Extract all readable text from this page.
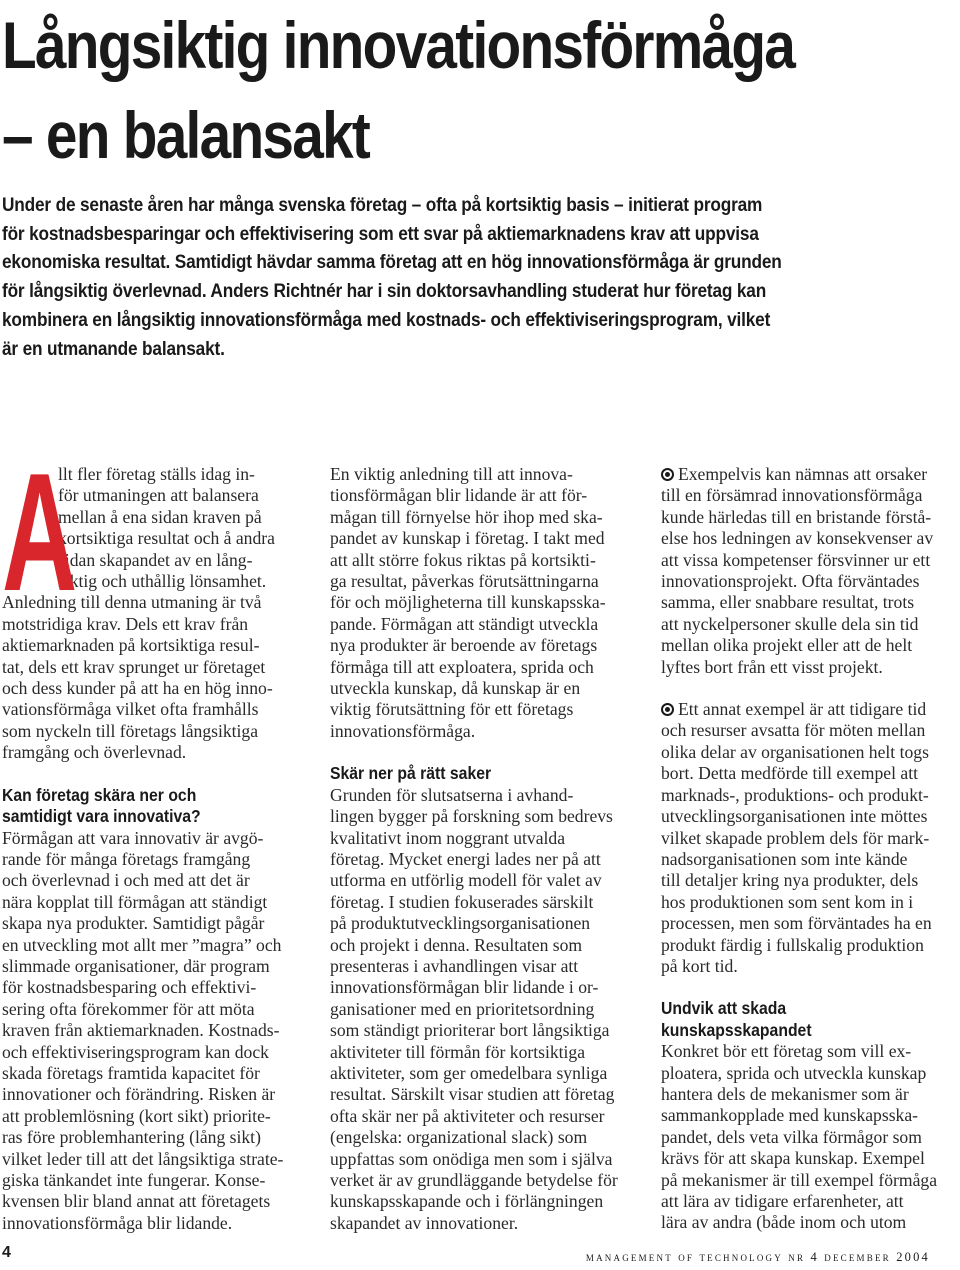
Långsiktig innovationsförmåga
– en balansakt

Under de senaste åren har många svenska företag – ofta på kortsiktig basis – initierat program
för kostnadsbesparingar och effektivisering som ett svar på aktiemarknadens krav att uppvisa
ekonomiska resultat. Samtidigt hävdar samma företag att en hög innovationsförmåga är grunden
för långsiktig överlevnad. Anders Richtnér har i sin doktorsavhandling studerat hur företag kan
kombinera en långsiktig innovationsförmåga med kostnads- och effektiviseringsprogram, vilket
är en utmanande balansakt.

A

llt fler företag ställs idag in-
för utmaningen att balansera
mellan å ena sidan kraven på
kortsiktiga resultat och å andra
sidan skapandet av en lång-
siktig och uthållig lönsamhet.
Anledning till denna utmaning är två
motstridiga krav. Dels ett krav från
aktiemarknaden på kortsiktiga resul-
tat, dels ett krav sprunget ur företaget
och dess kunder på att ha en hög inno-
vationsförmåga vilket ofta framhålls
som nyckeln till företags långsiktiga
framgång och överlevnad.

Kan företag skära ner och
samtidigt vara innovativa?

Förmågan att vara innovativ är avgö-
rande för många företags framgång
och överlevnad i och med att det är
nära kopplat till förmågan att ständigt
skapa nya produkter. Samtidigt pågår
en utveckling mot allt mer ”magra” och
slimmade organisationer, där program
för kostnadsbesparing och effektivi-
sering ofta förekommer för att möta
kraven från aktiemarknaden. Kostnads-
och effektiviseringsprogram kan dock
skada företags framtida kapacitet för
innovationer och förändring. Risken är
att problemlösning (kort sikt) priorite-
ras före problemhantering (lång sikt)
vilket leder till att det långsiktiga strate-
giska tänkandet inte fungerar. Konse-
kvensen blir bland annat att företagets
innovationsförmåga blir lidande.

En viktig anledning till att innova-
tionsförmågan blir lidande är att för-
mågan till förnyelse hör ihop med ska-
pandet av kunskap i företag. I takt med
att allt större fokus riktas på kortsikti-
ga resultat, påverkas förutsättningarna
för och möjligheterna till kunskapsska-
pande. Förmågan att ständigt utveckla
nya produkter är beroende av företags
förmåga till att exploatera, sprida och
utveckla kunskap, då kunskap är en
viktig förutsättning för ett företags
innovationsförmåga.

Skär ner på rätt saker

Grunden för slutsatserna i avhand-
lingen bygger på forskning som bedrevs
kvalitativt inom noggrant utvalda
företag. Mycket energi lades ner på att
utforma en utförlig modell för valet av
företag. I studien fokuserades särskilt
på produktutvecklingsorganisationen
och projekt i denna. Resultaten som
presenteras i avhandlingen visar att
innovationsförmågan blir lidande i or-
ganisationer med en prioritetsordning
som ständigt prioriterar bort långsiktiga
aktiviteter till förmån för kortsiktiga
aktiviteter, som ger omedelbara synliga
resultat. Särskilt visar studien att företag
ofta skär ner på aktiviteter och resurser
(engelska: organizational slack) som
uppfattas som onödiga men som i själva
verket är av grundläggande betydelse för
kunskapsskapande och i förlängningen
skapandet av innovationer.

Exempelvis kan nämnas att orsaker
till en försämrad innovationsförmåga
kunde härledas till en bristande förstå-
else hos ledningen av konsekvenser av
att vissa kompetenser försvinner ur ett
innovationsprojekt. Ofta förväntades
samma, eller snabbare resultat, trots
att nyckelpersoner skulle dela sin tid
mellan olika projekt eller att de helt
lyftes bort från ett visst projekt.

Ett annat exempel är att tidigare tid
och resurser avsatta för möten mellan
olika delar av organisationen helt togs
bort. Detta medförde till exempel att
marknads-, produktions- och produkt-
utvecklingsorganisationen inte möttes
vilket skapade problem dels för mark-
nadsorganisationen som inte kände
till detaljer kring nya produkter, dels
hos produktionen som sent kom in i
processen, men som förväntades ha en
produkt färdig i fullskalig produktion
på kort tid.

Undvik att skada
kunskapsskapandet

Konkret bör ett företag som vill ex-
ploatera, sprida och utveckla kunskap
hantera dels de mekanismer som är
sammankopplade med kunskapsska-
pandet, dels veta vilka förmågor som
krävs för att skapa kunskap. Exempel
på mekanismer är till exempel förmåga
att lära av tidigare erfarenheter, att
lära av andra (både inom och utom

4	management of technology nr 4 december 2004
